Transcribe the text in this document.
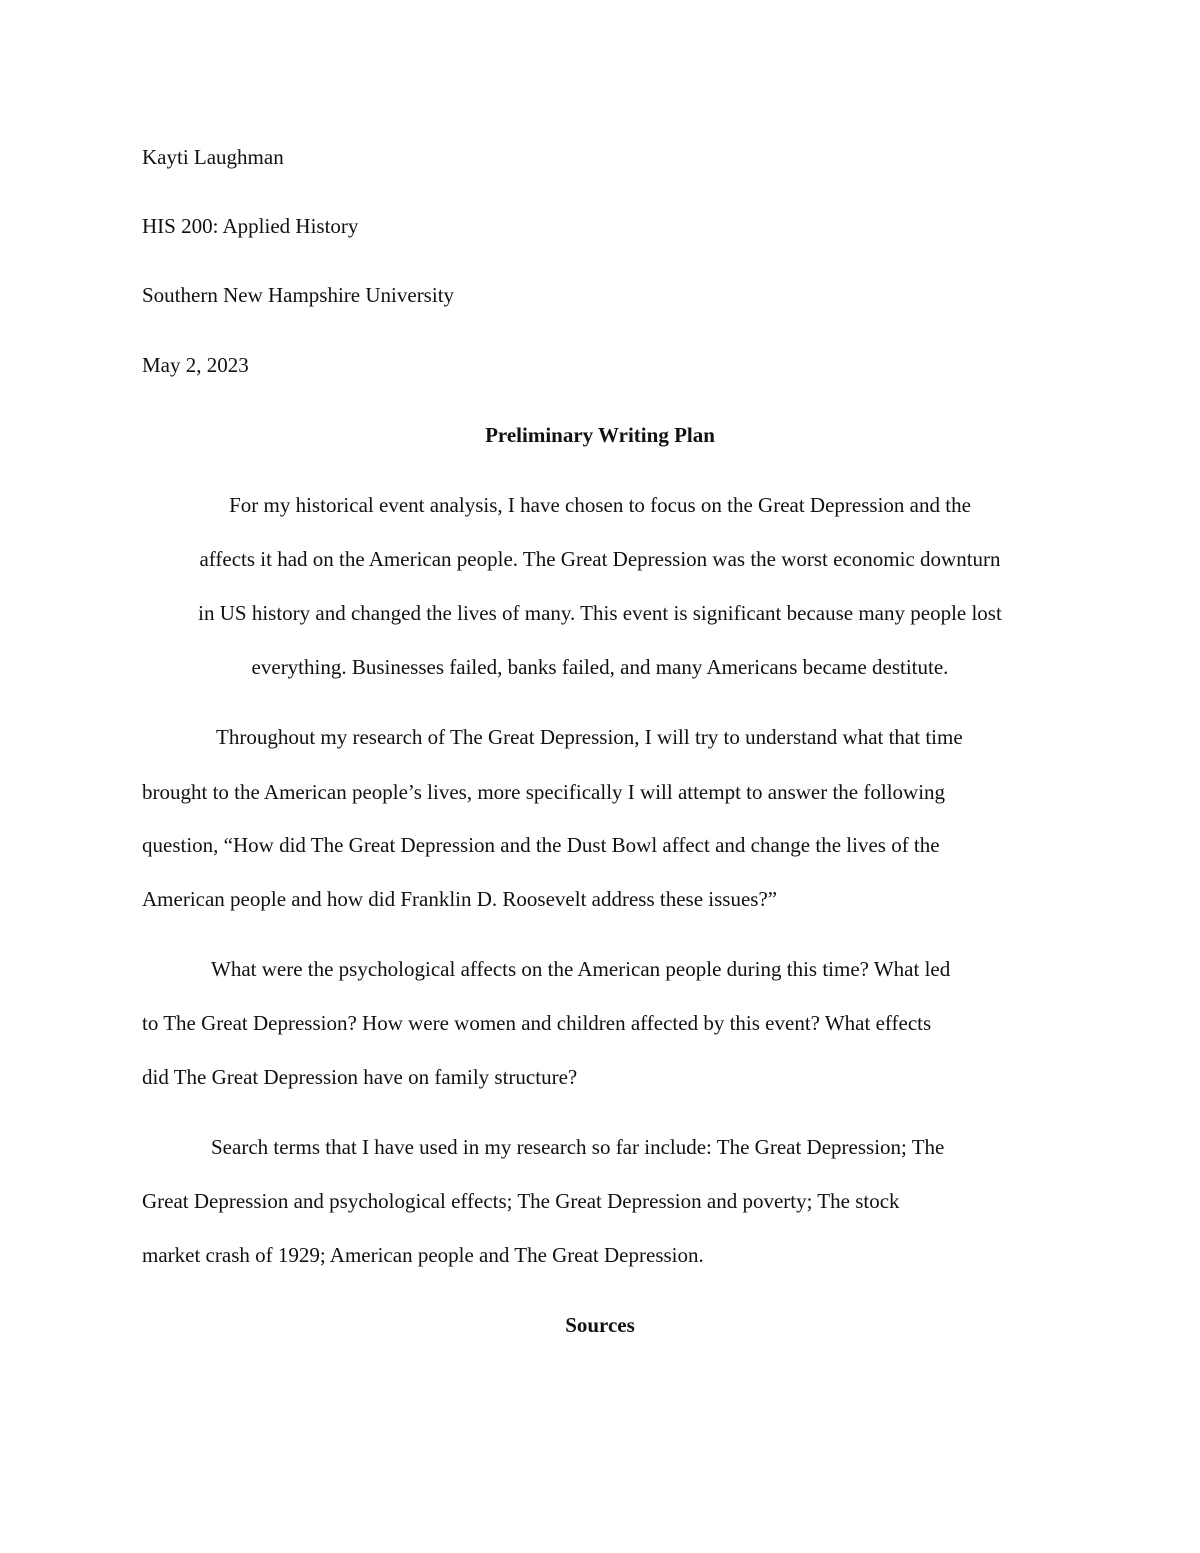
Kayti Laughman
HIS 200: Applied History
Southern New Hampshire University
May 2, 2023
Preliminary Writing Plan
For my historical event analysis, I have chosen to focus on the Great Depression and the
affects it had on the American people. The Great Depression was the worst economic downturn
in US history and changed the lives of many. This event is significant because many people lost
everything. Businesses failed, banks failed, and many Americans became destitute.
Throughout my research of The Great Depression, I will try to understand what that time
brought to the American people’s lives, more specifically I will attempt to answer the following
question, “How did The Great Depression and the Dust Bowl affect and change the lives of the
American people and how did Franklin D. Roosevelt address these issues?”
What were the psychological affects on the American people during this time? What led
to The Great Depression? How were women and children affected by this event? What effects
did The Great Depression have on family structure?
Search terms that I have used in my research so far include: The Great Depression; The
Great Depression and psychological effects; The Great Depression and poverty; The stock
market crash of 1929; American people and The Great Depression.
Sources
